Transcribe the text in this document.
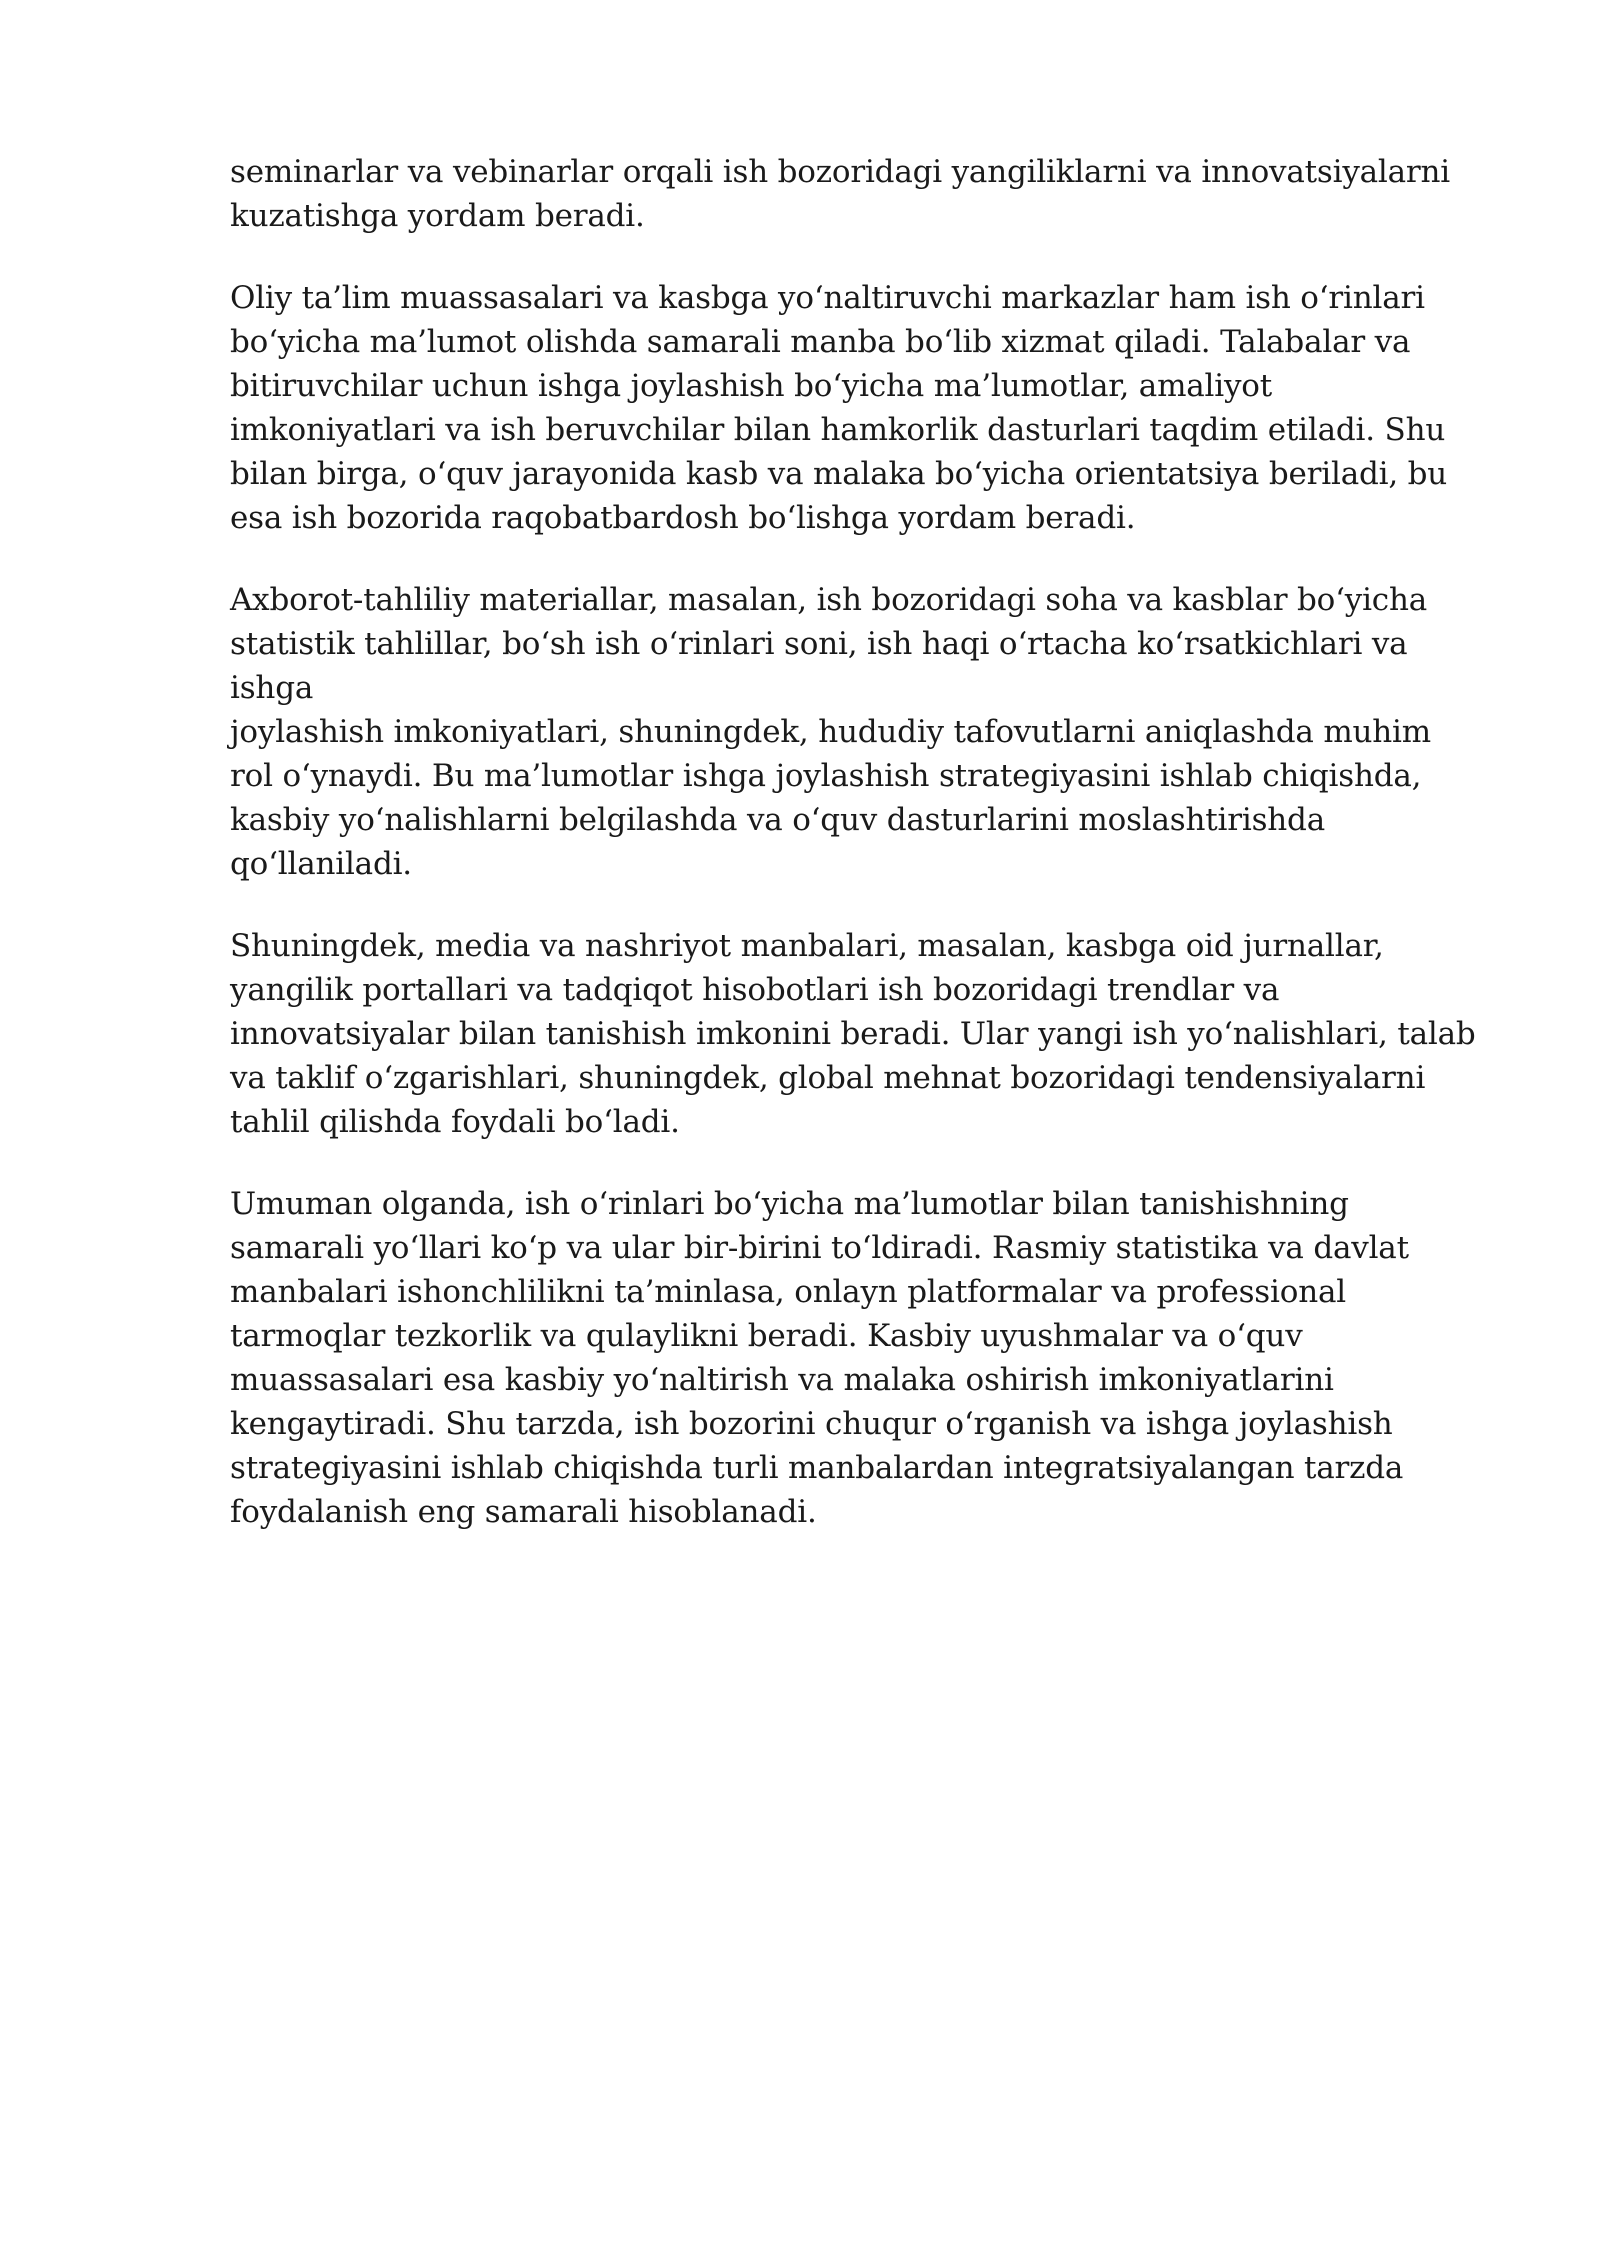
seminarlar va vebinarlar orqali ish bozoridagi yangiliklarni va innovatsiyalarni
kuzatishga yordam beradi.

Oliy ta’lim muassasalari va kasbga yo‘naltiruvchi markazlar ham ish o‘rinlari
bo‘yicha ma’lumot olishda samarali manba bo‘lib xizmat qiladi. Talabalar va
bitiruvchilar uchun ishga joylashish bo‘yicha ma’lumotlar, amaliyot
imkoniyatlari va ish beruvchilar bilan hamkorlik dasturlari taqdim etiladi. Shu
bilan birga, o‘quv jarayonida kasb va malaka bo‘yicha orientatsiya beriladi, bu
esa ish bozorida raqobatbardosh bo‘lishga yordam beradi.

Axborot-tahliliy materiallar, masalan, ish bozoridagi soha va kasblar bo‘yicha
statistik tahlillar, bo‘sh ish o‘rinlari soni, ish haqi o‘rtacha ko‘rsatkichlari va ishga
joylashish imkoniyatlari, shuningdek, hududiy tafovutlarni aniqlashda muhim
rol o‘ynaydi. Bu ma’lumotlar ishga joylashish strategiyasini ishlab chiqishda,
kasbiy yo‘nalishlarni belgilashda va o‘quv dasturlarini moslashtirishda
qo‘llaniladi.

Shuningdek, media va nashriyot manbalari, masalan, kasbga oid jurnallar,
yangilik portallari va tadqiqot hisobotlari ish bozoridagi trendlar va
innovatsiyalar bilan tanishish imkonini beradi. Ular yangi ish yo‘nalishlari, talab
va taklif o‘zgarishlari, shuningdek, global mehnat bozoridagi tendensiyalarni
tahlil qilishda foydali bo‘ladi.

Umuman olganda, ish o‘rinlari bo‘yicha ma’lumotlar bilan tanishishning
samarali yo‘llari ko‘p va ular bir-birini to‘ldiradi. Rasmiy statistika va davlat
manbalari ishonchlilikni ta’minlasa, onlayn platformalar va professional
tarmoqlar tezkorlik va qulaylikni beradi. Kasbiy uyushmalar va o‘quv
muassasalari esa kasbiy yo‘naltirish va malaka oshirish imkoniyatlarini
kengaytiradi. Shu tarzda, ish bozorini chuqur o‘rganish va ishga joylashish
strategiyasini ishlab chiqishda turli manbalardan integratsiyalangan tarzda
foydalanish eng samarali hisoblanadi.
